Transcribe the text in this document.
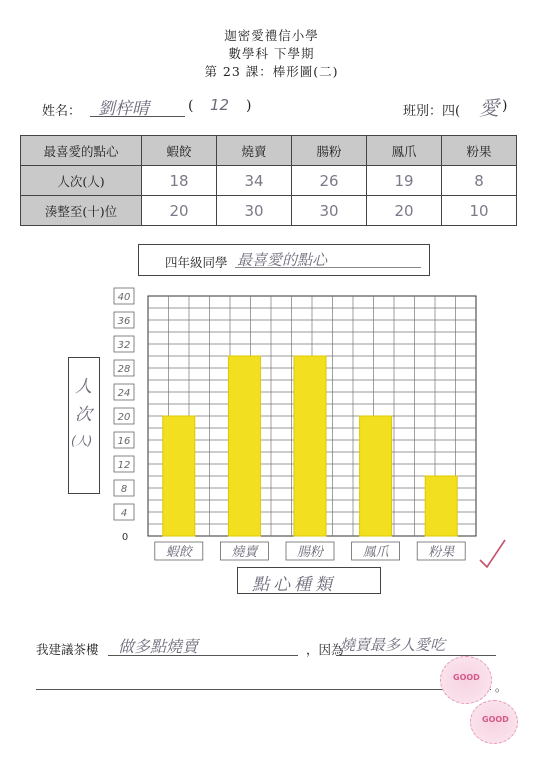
迦密愛禮信小學
數學科 下學期
第 23 課：棒形圖(二)
姓名： 劉梓晴	( 12 )	班別：四( 愛 )
最喜愛的點心	蝦餃	燒賣	腸粉	鳳爪	粉果
人次(人)	18	34	26	19	8
湊整至(十)位	20	30	30	20	10
四年級同學 最喜愛的點心
人
次
(人)
0
4
8
12
16
20
24
28
32
36
40
蝦餃	燒賣	腸粉	鳳爪	粉果
點心種類
我建議茶樓 做多點燒賣	，因為
燒賣最多人愛吃
。
GOOD
GOOD
